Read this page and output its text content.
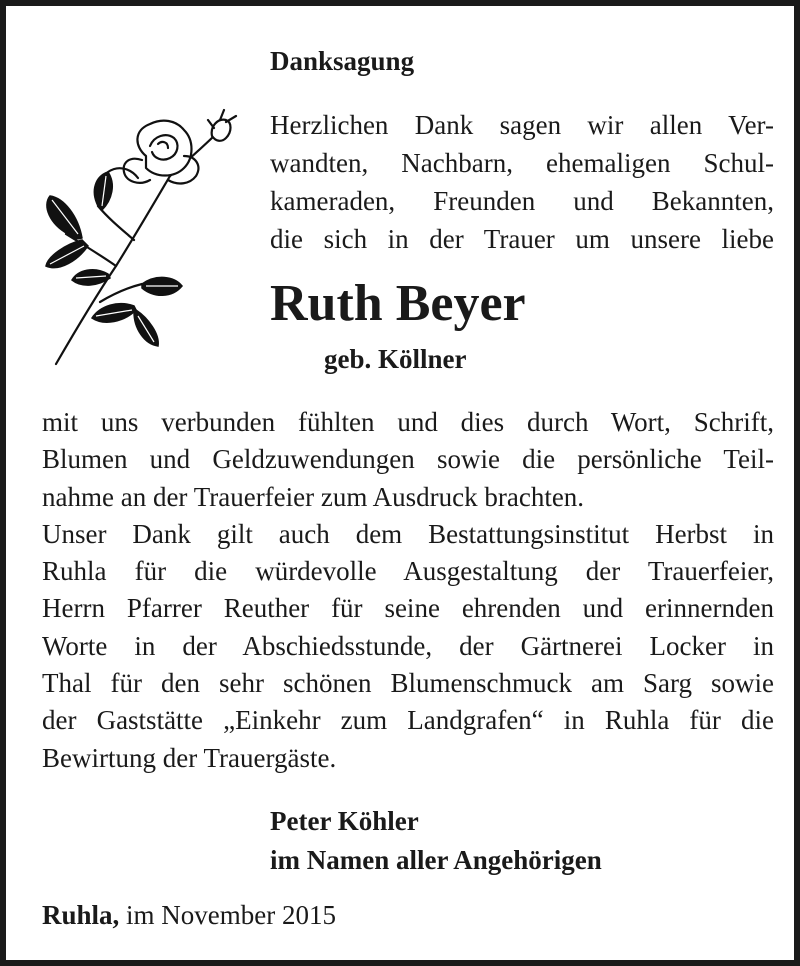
Danksagung
Herzlichen Dank sagen wir allen Ver-
wandten, Nachbarn, ehemaligen Schul-
kameraden, Freunden und Bekannten,
die sich in der Trauer um unsere liebe
Ruth Beyer
geb. Köllner
mit uns verbunden fühlten und dies durch Wort, Schrift,
Blumen und Geldzuwendungen sowie die persönliche Teil-
nahme an der Trauerfeier zum Ausdruck brachten.
Unser Dank gilt auch dem Bestattungsinstitut Herbst in
Ruhla für die würdevolle Ausgestaltung der Trauerfeier,
Herrn Pfarrer Reuther für seine ehrenden und erinnernden
Worte in der Abschiedsstunde, der Gärtnerei Locker in
Thal für den sehr schönen Blumenschmuck am Sarg sowie
der Gaststätte „Einkehr zum Landgrafen“ in Ruhla für die
Bewirtung der Trauergäste.
Peter Köhler
im Namen aller Angehörigen
Ruhla, im November 2015
